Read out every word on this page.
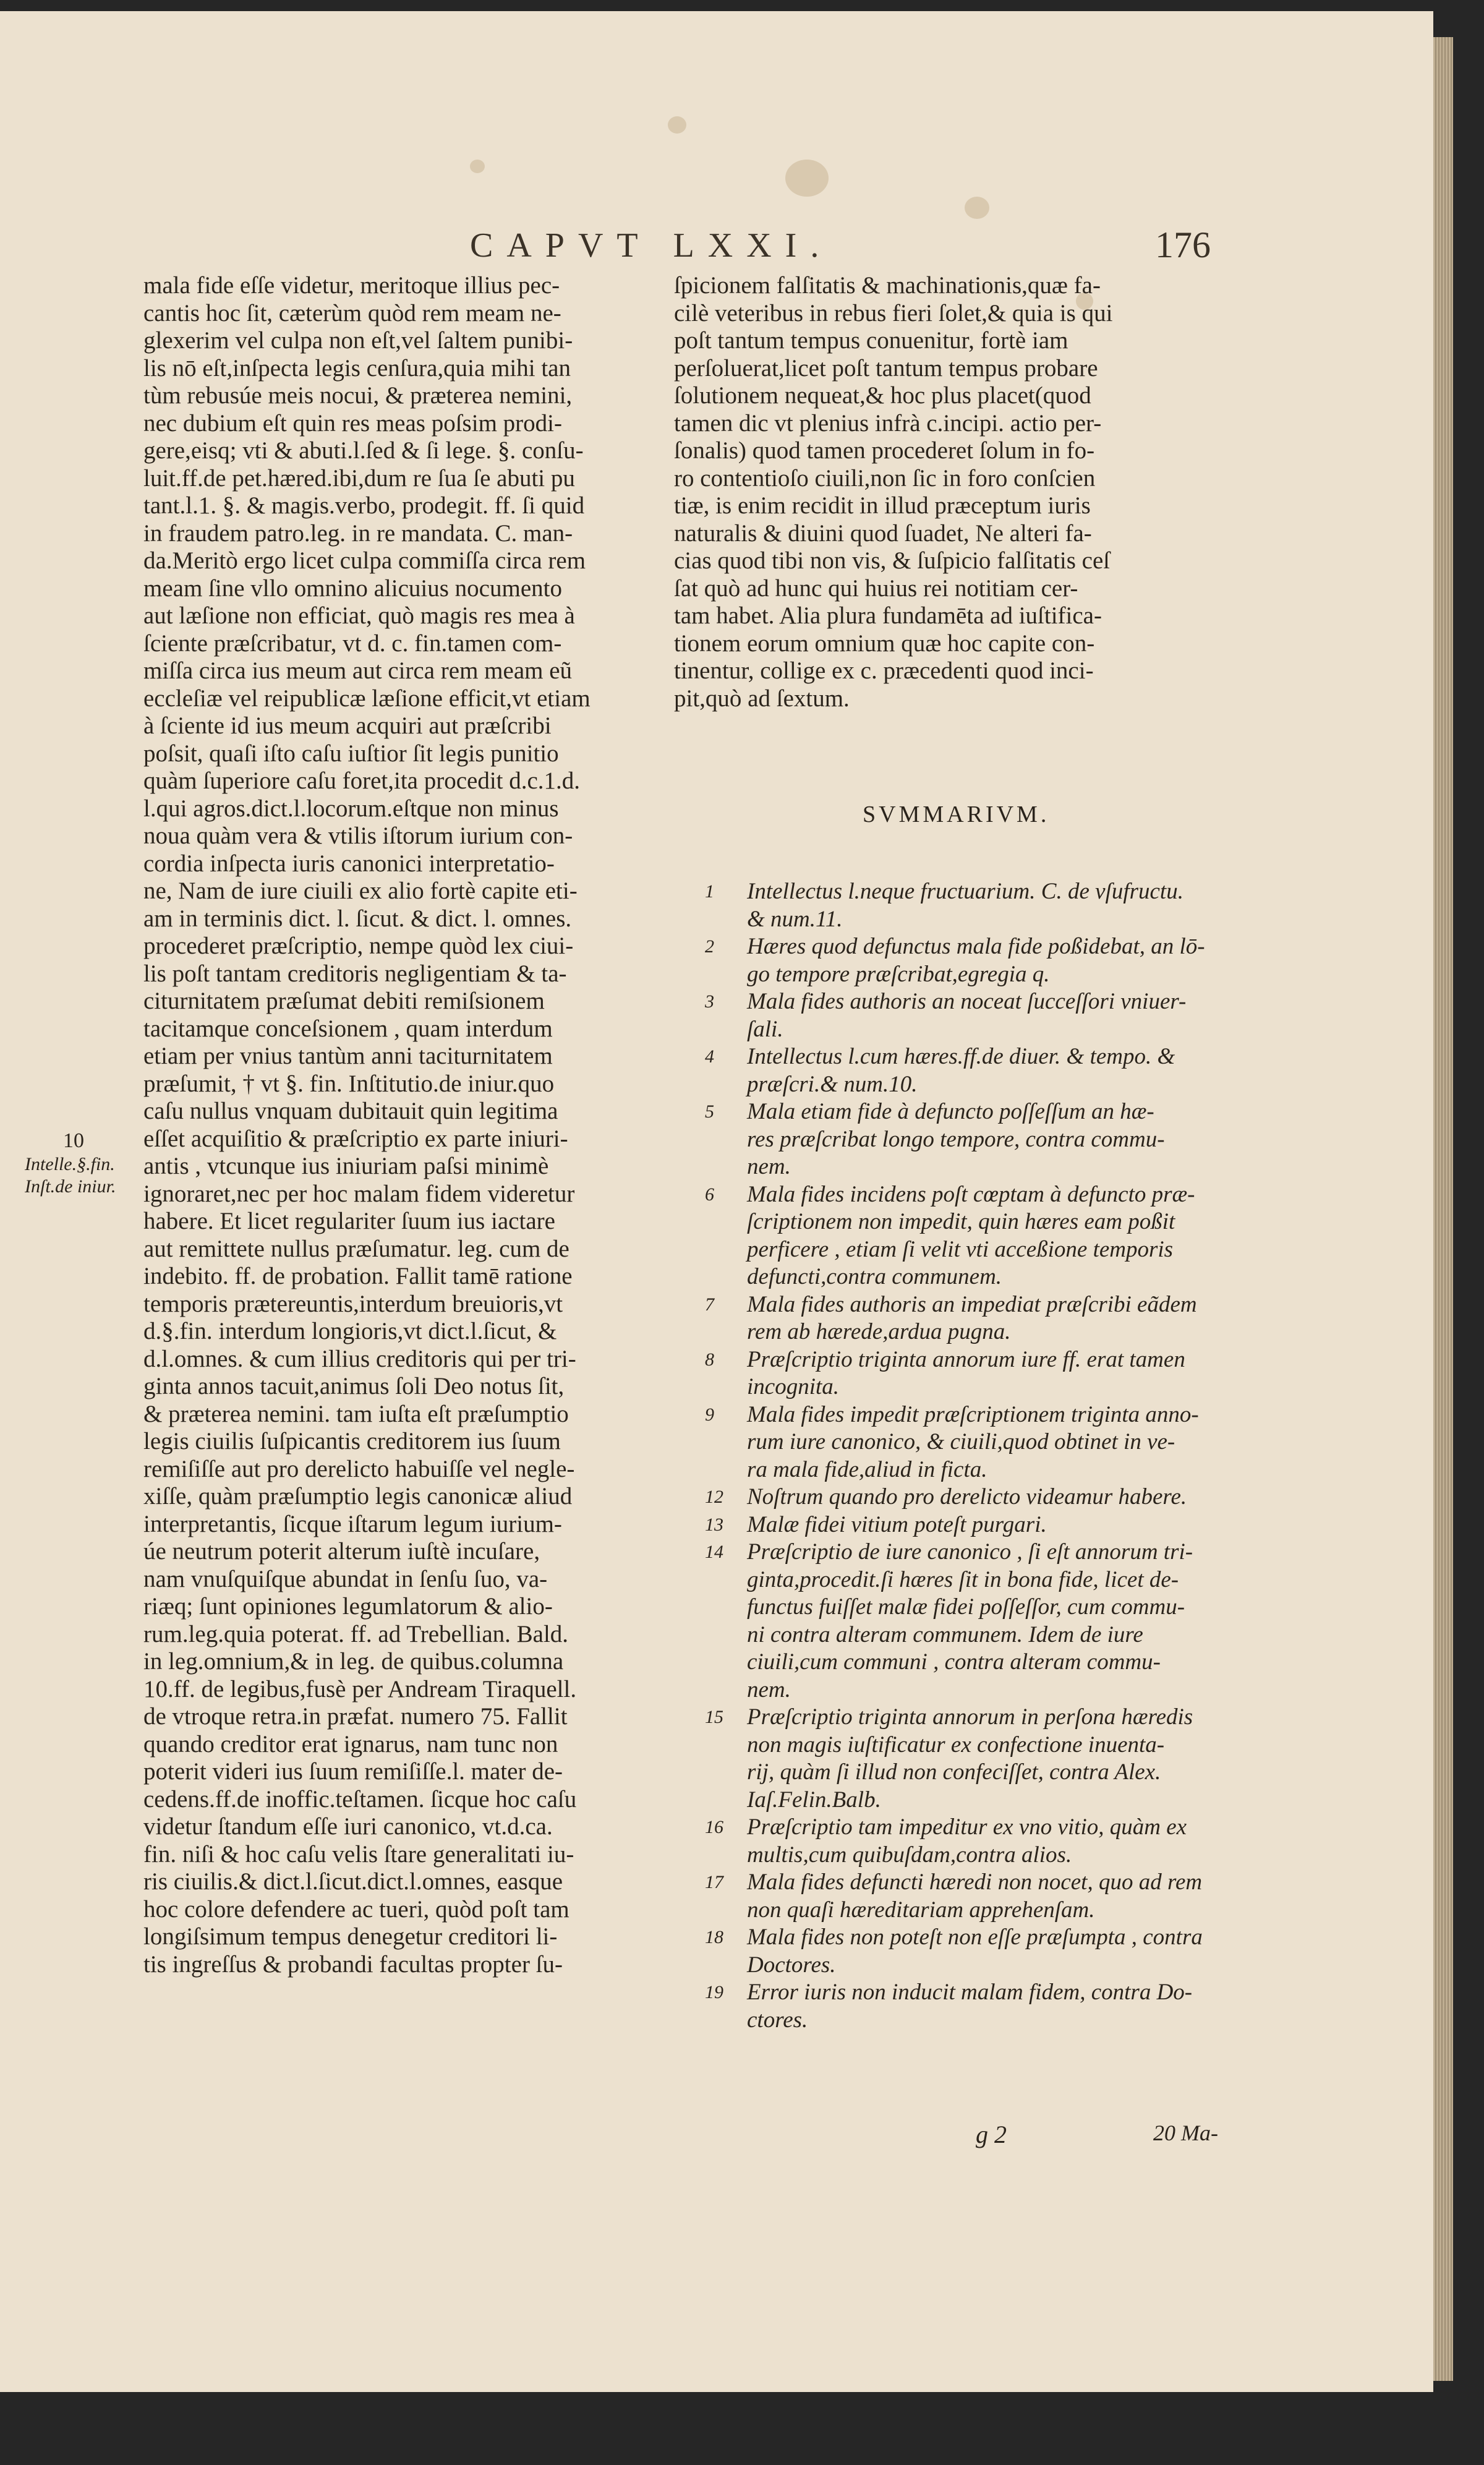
CAPVT LXXI.	176
mala fide eſſe videtur, meritoque illius pec-
cantis hoc ſit, cæterùm quòd rem meam ne-
glexerim vel culpa non eſt,vel ſaltem punibi-
lis nō eſt,inſpecta legis cenſura,quia mihi tan
tùm rebusúe meis nocui, & præterea nemini,
nec dubium eſt quin res meas poſsim prodi-
gere,eisq; vti & abuti.l.ſed & ſi lege. §. conſu-
luit.ff.de pet.hæred.ibi,dum re ſua ſe abuti pu
tant.l.1. §. & magis.verbo, prodegit. ff. ſi quid
in fraudem patro.leg. in re mandata. C. man-
da.Meritò ergo licet culpa commiſſa circa rem
meam ſine vllo omnino alicuius nocumento
aut læſione non efficiat, quò magis res mea à
ſciente præſcribatur, vt d. c. fin.tamen com-
miſſa circa ius meum aut circa rem meam eũ
eccleſiæ vel reipublicæ læſione efficit,vt etiam
à ſciente id ius meum acquiri aut præſcribi
poſsit, quaſi iſto caſu iuſtior ſit legis punitio
quàm ſuperiore caſu foret,ita procedit d.c.1.d.
l.qui agros.dict.l.locorum.eſtque non minus
noua quàm vera & vtilis iſtorum iurium con-
cordia inſpecta iuris canonici interpretatio-
ne, Nam de iure ciuili ex alio fortè capite eti-
am in terminis dict. l. ſicut. & dict. l. omnes.
procederet præſcriptio, nempe quòd lex ciui-
lis poſt tantam creditoris negligentiam & ta-
citurnitatem præſumat debiti remiſsionem
tacitamque conceſsionem , quam interdum
etiam per vnius tantùm anni taciturnitatem
præſumit, † vt §. fin. Inſtitutio.de iniur.quo
caſu nullus vnquam dubitauit quin legitima
eſſet acquiſitio & præſcriptio ex parte iniuri-
antis , vtcunque ius iniuriam paſsi minimè
ignoraret,nec per hoc malam fidem videretur
habere. Et licet regulariter ſuum ius iactare
aut remittete nullus præſumatur. leg. cum de
indebito. ff. de probation. Fallit tamē ratione
temporis prætereuntis,interdum breuioris,vt
d.§.fin. interdum longioris,vt dict.l.ſicut, &
d.l.omnes. & cum illius creditoris qui per tri-
ginta annos tacuit,animus ſoli Deo notus ſit,
& præterea nemini. tam iuſta eſt præſumptio
legis ciuilis ſuſpicantis creditorem ius ſuum
remiſiſſe aut pro derelicto habuiſſe vel negle-
xiſſe, quàm præſumptio legis canonicæ aliud
interpretantis, ſicque iſtarum legum iurium-
úe neutrum poterit alterum iuſtè incuſare,
nam vnuſquiſque abundat in ſenſu ſuo, va-
riæq; ſunt opiniones legumlatorum & alio-
rum.leg.quia poterat. ff. ad Trebellian. Bald.
in leg.omnium,& in leg. de quibus.columna
10.ff. de legibus,fusè per Andream Tiraquell.
de vtroque retra.in præfat. numero 75. Fallit
quando creditor erat ignarus, nam tunc non
poterit videri ius ſuum remiſiſſe.l. mater de-
cedens.ff.de inoffic.teſtamen. ſicque hoc caſu
videtur ſtandum eſſe iuri canonico, vt.d.ca.
fin. niſi & hoc caſu velis ſtare generalitati iu-
ris ciuilis.& dict.l.ſicut.dict.l.omnes, easque
hoc colore defendere ac tueri, quòd poſt tam
longiſsimum tempus denegetur creditori li-
tis ingreſſus & probandi facultas propter ſu-
10
Intelle.§.fin.
Inſt.de iniur.
ſpicionem falſitatis & machinationis,quæ fa-
cilè veteribus in rebus fieri ſolet,& quia is qui
poſt tantum tempus conuenitur, fortè iam
perſoluerat,licet poſt tantum tempus probare
ſolutionem nequeat,& hoc plus placet(quod
tamen dic vt plenius infrà c.incipi. actio per-
ſonalis) quod tamen procederet ſolum in fo-
ro contentioſo ciuili,non ſic in foro conſcien
tiæ, is enim recidit in illud præceptum iuris
naturalis & diuini quod ſuadet, Ne alteri fa-
cias quod tibi non vis, & ſuſpicio falſitatis ceſ
ſat quò ad hunc qui huius rei notitiam cer-
tam habet. Alia plura fundamēta ad iuſtifica-
tionem eorum omnium quæ hoc capite con-
tinentur, collige ex c. præcedenti quod inci-
pit,quò ad ſextum.
SVMMARIVM.
1	Intellectus l.neque fructuarium. C. de vſufructu.
& num.11.
2	Hæres quod defunctus mala fide poßidebat, an lō-
go tempore præſcribat,egregia q.
3	Mala fides authoris an noceat ſucceſſori vniuer-
ſali.
4	Intellectus l.cum hæres.ff.de diuer. & tempo. &
præſcri.& num.10.
5	Mala etiam fide à defuncto poſſeſſum an hæ-
res præſcribat longo tempore, contra commu-
nem.
6	Mala fides incidens poſt cœptam à defuncto præ-
ſcriptionem non impedit, quin hæres eam poßit
perficere , etiam ſi velit vti acceßione temporis
defuncti,contra communem.
7	Mala fides authoris an impediat præſcribi eãdem
rem ab hærede,ardua pugna.
8	Præſcriptio triginta annorum iure ff. erat tamen
incognita.
9	Mala fides impedit præſcriptionem triginta anno-
rum iure canonico, & ciuili,quod obtinet in ve-
ra mala fide,aliud in ficta.
12	Noſtrum quando pro derelicto videamur habere.
13	Malæ fidei vitium poteſt purgari.
14	Præſcriptio de iure canonico , ſi eſt annorum tri-
ginta,procedit.ſi hæres ſit in bona fide, licet de-
functus fuiſſet malæ fidei poſſeſſor, cum commu-
ni contra alteram communem. Idem de iure
ciuili,cum communi , contra alteram commu-
nem.
15	Præſcriptio triginta annorum in perſona hæredis
non magis iuſtificatur ex confectione inuenta-
rij, quàm ſi illud non confeciſſet, contra Alex.
Iaſ.Felin.Balb.
16	Præſcriptio tam impeditur ex vno vitio, quàm ex
multis,cum quibuſdam,contra alios.
17	Mala fides defuncti hæredi non nocet, quo ad rem
non quaſi hæreditariam apprehenſam.
18	Mala fides non poteſt non eſſe præſumpta , contra
Doctores.
19	Error iuris non inducit malam fidem, contra Do-
ctores.
g 2	20 Ma-
